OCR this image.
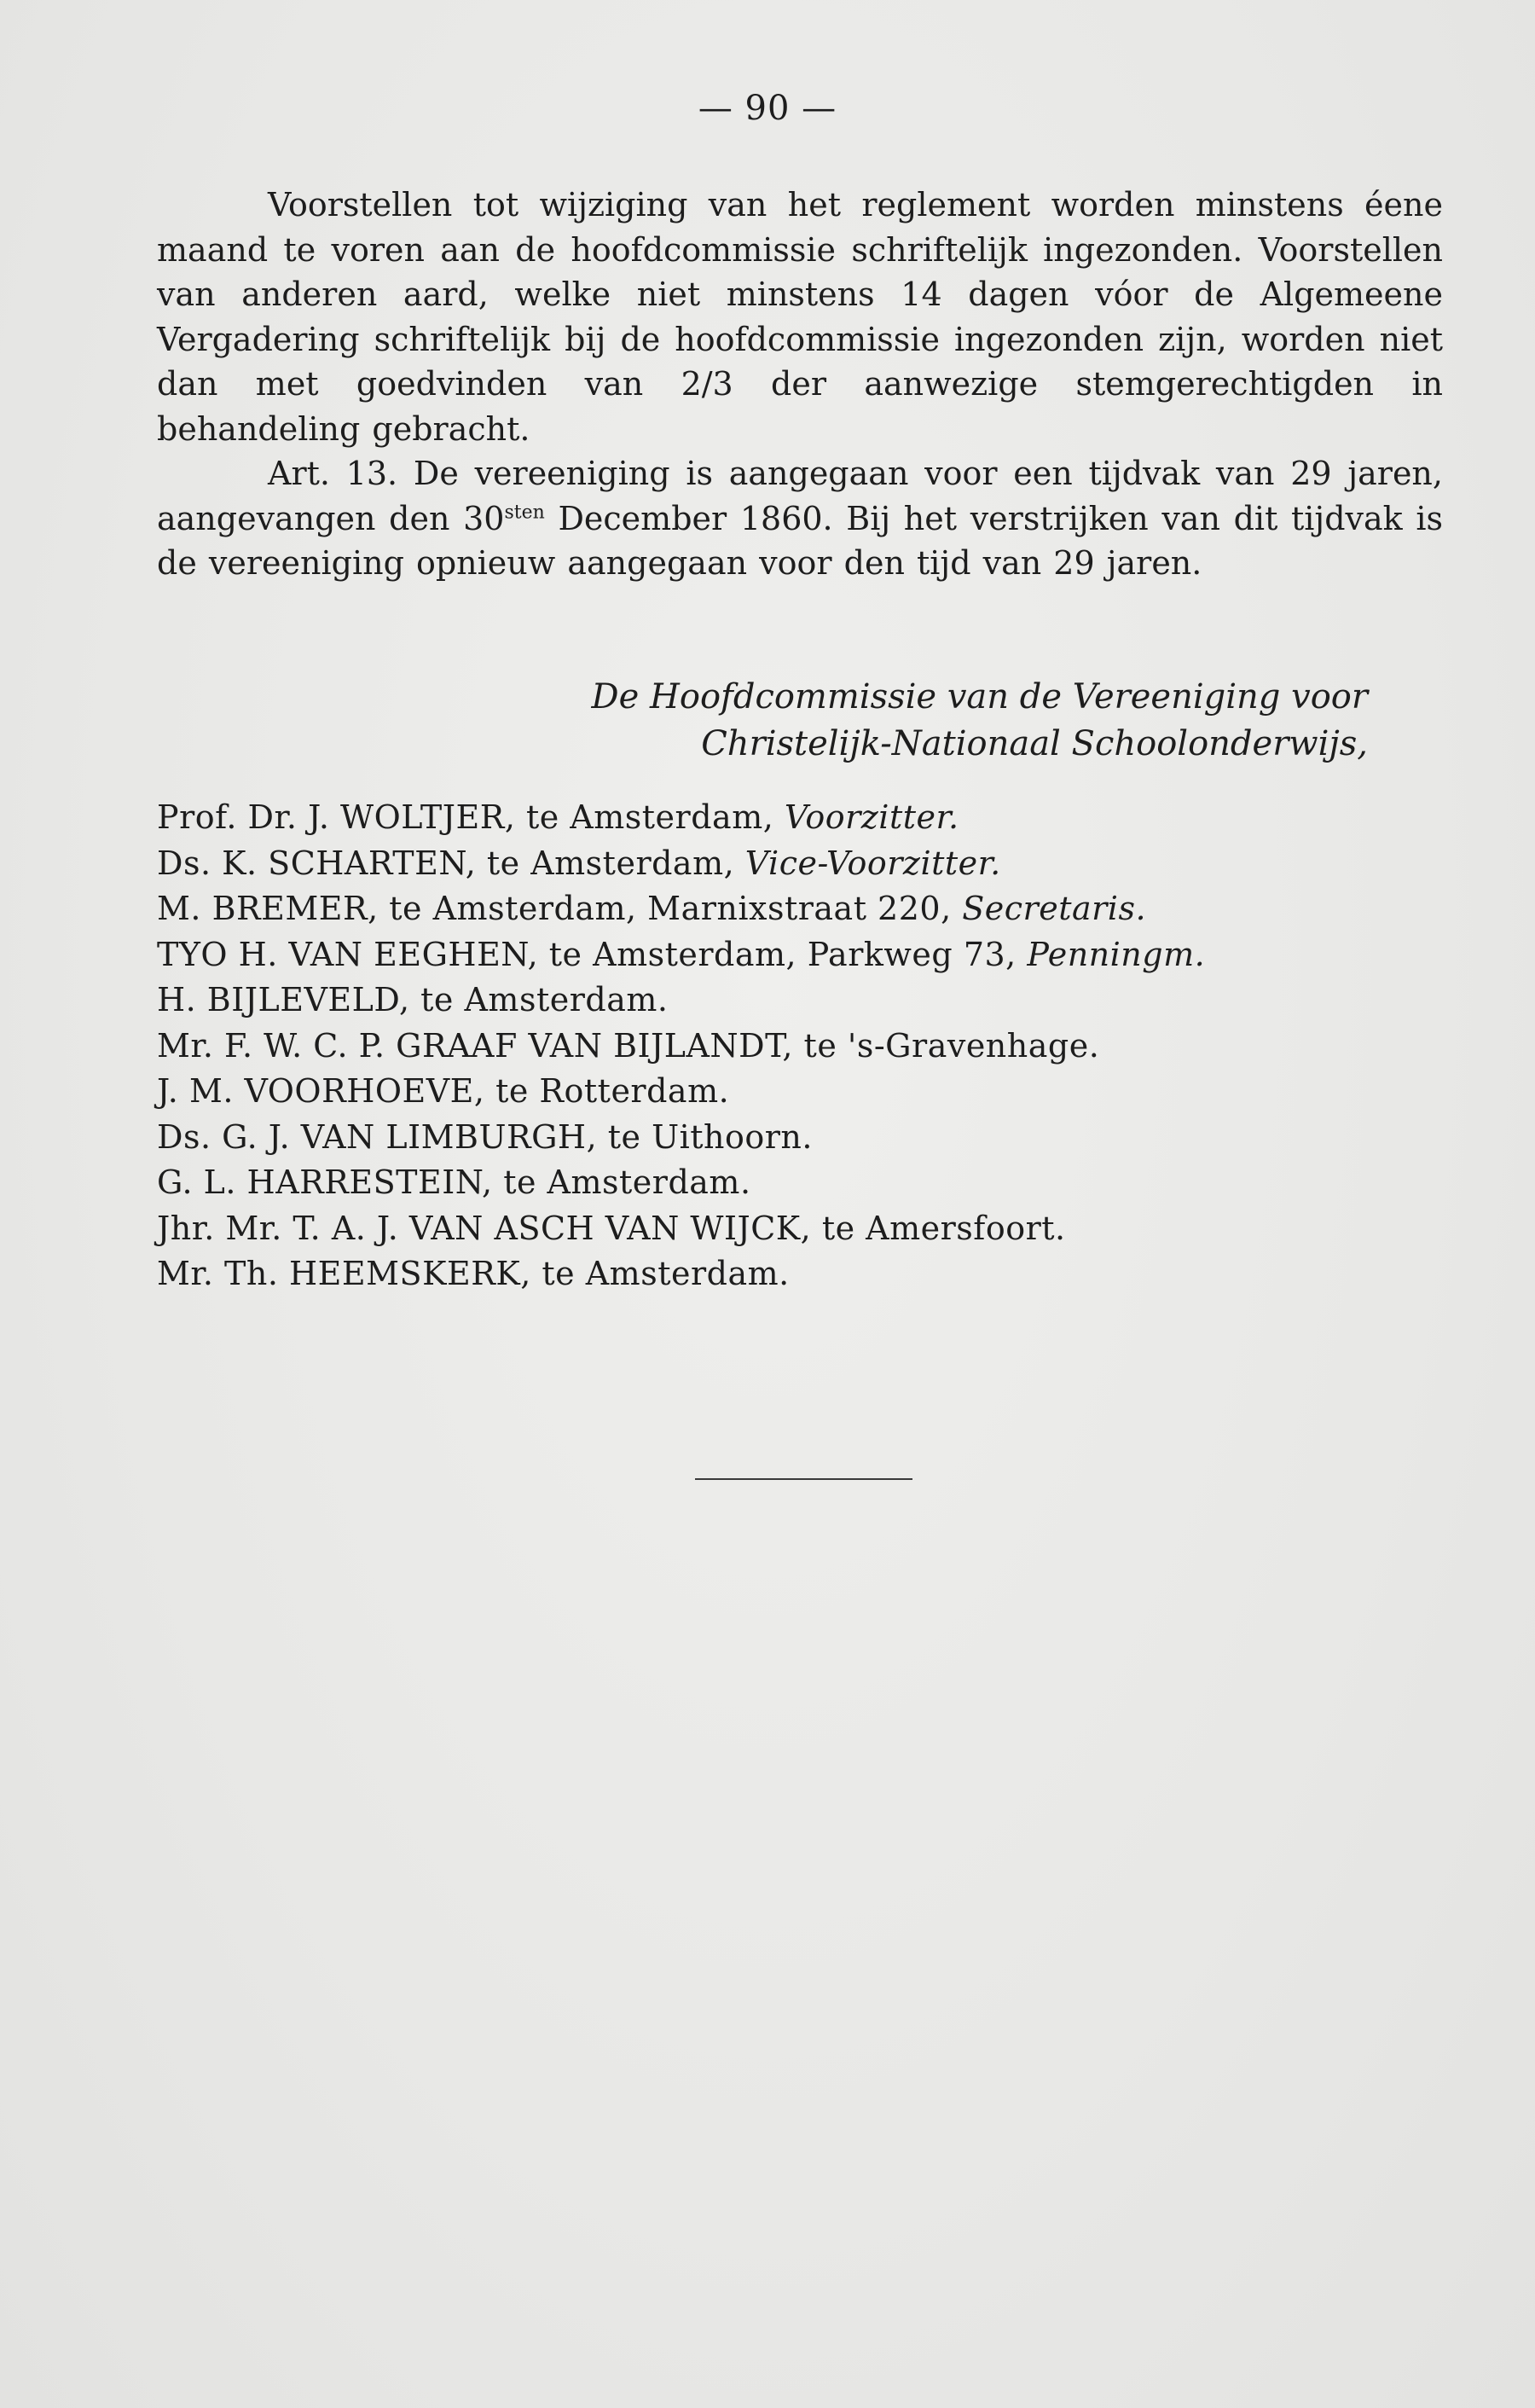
— 90 —

Voorstellen tot wijziging van het reglement worden minstens éene maand te voren aan de hoofdcommissie schriftelijk ingezonden. Voorstellen van anderen aard, welke niet minstens 14 dagen vóor de Algemeene Vergadering schriftelijk bij de hoofdcommissie ingezonden zijn, worden niet dan met goedvinden van 2/3 der aanwezige stemgerechtigden in behandeling gebracht.

Art. 13. De vereeniging is aangegaan voor een tijdvak van 29 jaren, aangevangen den $30^{sten}$ December 1860. Bij het verstrijken van dit tijdvak is de vereeniging opnieuw aangegaan voor den tijd van 29 jaren.

De Hoofdcommissie van de Vereeniging voor
Christelijk-Nationaal Schoolonderwijs,
Prof. Dr. J. WOLTJER, te Amsterdam, Voorzitter.
Ds. K. SCHARTEN, te Amsterdam, Vice-Voorzitter.
M. BREMER, te Amsterdam, Marnixstraat 220, Secretaris.
TYO H. VAN EEGHEN, te Amsterdam, Parkweg 73, Penningm.
H. BIJLEVELD, te Amsterdam.
Mr. F. W. C. P. GRAAF VAN BIJLANDT, te 's-Gravenhage.
J. M. VOORHOEVE, te Rotterdam.
Ds. G. J. VAN LIMBURGH, te Uithoorn.
G. L. HARRESTEIN, te Amsterdam.
Jhr. Mr. T. A. J. VAN ASCH VAN WIJCK, te Amersfoort.
Mr. Th. HEEMSKERK, te Amsterdam.
